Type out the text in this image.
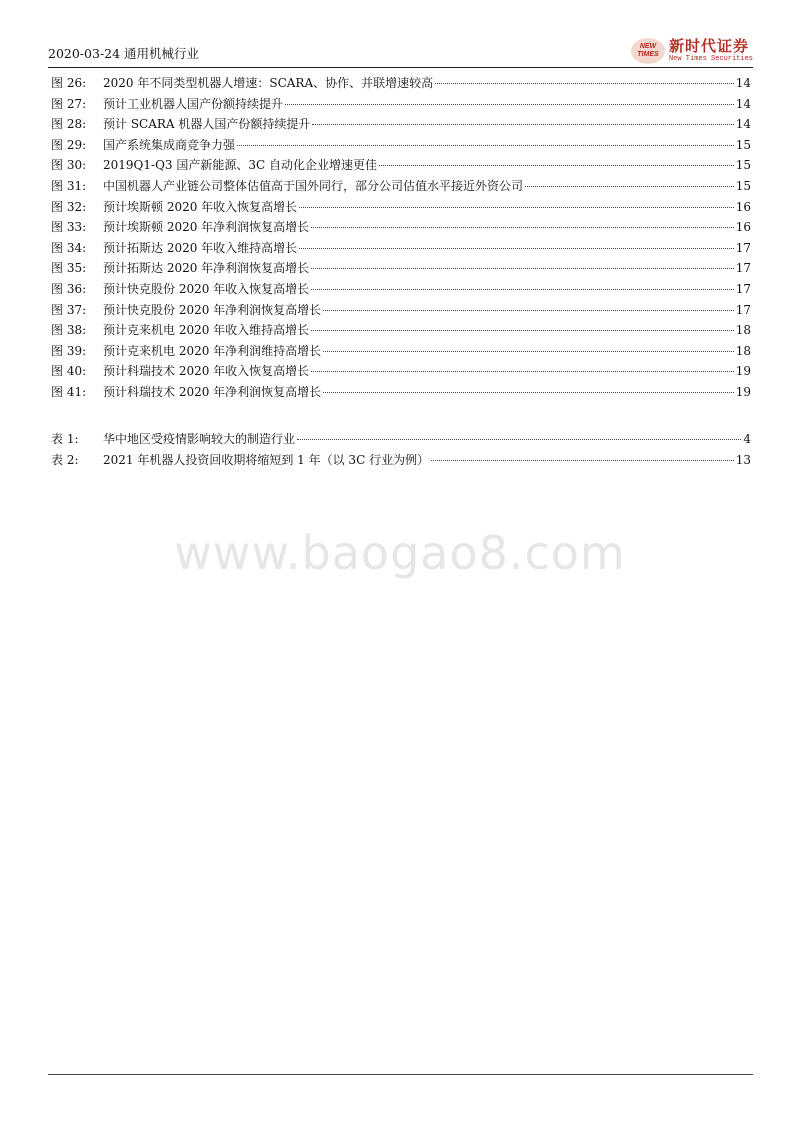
2020-03-24 通用机械行业	NEW
TIMES 新时代证券
New Times Securities
图 26:	2020 年不同类型机器人增速：SCARA、协作、并联增速较高	14
图 27:	预计工业机器人国产份额持续提升	14
图 28:	预计 SCARA 机器人国产份额持续提升	14
图 29:	国产系统集成商竞争力强	15
图 30:	2019Q1-Q3 国产新能源、3C 自动化企业增速更佳	15
图 31:	中国机器人产业链公司整体估值高于国外同行，部分公司估值水平接近外资公司	15
图 32:	预计埃斯顿 2020 年收入恢复高增长	16
图 33:	预计埃斯顿 2020 年净利润恢复高增长	16
图 34:	预计拓斯达 2020 年收入维持高增长	17
图 35:	预计拓斯达 2020 年净利润恢复高增长	17
图 36:	预计快克股份 2020 年收入恢复高增长	17
图 37:	预计快克股份 2020 年净利润恢复高增长	17
图 38:	预计克来机电 2020 年收入维持高增长	18
图 39:	预计克来机电 2020 年净利润维持高增长	18
图 40:	预计科瑞技术 2020 年收入恢复高增长	19
图 41:	预计科瑞技术 2020 年净利润恢复高增长	19
表 1:	华中地区受疫情影响较大的制造行业	4
表 2:	2021 年机器人投资回收期将缩短到 1 年（以 3C 行业为例）	13
www.baogao8.com
